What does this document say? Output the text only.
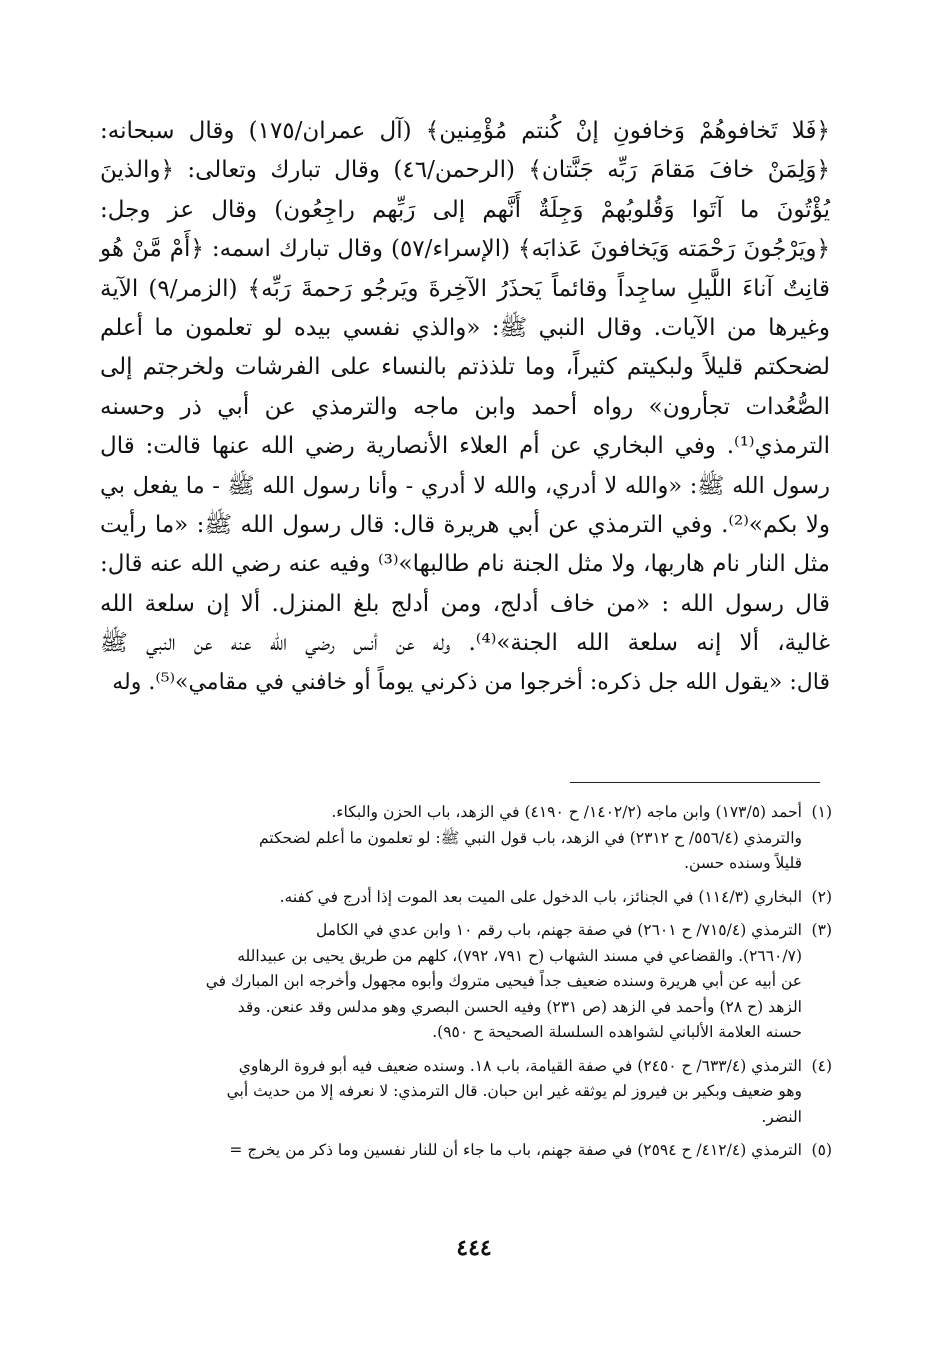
﴿فَلا تَخافوهُمْ وَخافونِ إنْ كُنتم مُؤْمِنين﴾ (آل عمران/١٧٥) وقال سبحانه:
﴿وَلِمَنْ خافَ مَقامَ رَبِّه جَنَّتان﴾ (الرحمن/٤٦) وقال تبارك وتعالى: ﴿والذينَ
يُؤْتُونَ ما آتَوا وَقُلوبُهمْ وَجِلَةٌ أَنَّهم إلى رَبِّهم راجِعُون) وقال عز وجل:
﴿ويَرْجُونَ رَحْمَته وَيَخافونَ عَذابَه﴾ (الإسراء/٥٧) وقال تبارك اسمه: ﴿أَمْ مَّنْ هُو
قانِتٌ آناءَ اللَّيلِ ساجِداً وقائماً يَحذَرُ الآخِرةَ ويَرجُو رَحمةَ رَبِّه﴾ (الزمر/٩) الآية
وغيرها من الآيات. وقال النبي ﷺ: «والذي نفسي بيده لو تعلمون ما أعلم
لضحكتم قليلاً ولبكيتم كثيراً، وما تلذذتم بالنساء على الفرشات ولخرجتم إلى
الصُّعُدات تجأرون» رواه أحمد وابن ماجه والترمذي عن أبي ذر وحسنه
الترمذي⁽¹⁾. وفي البخاري عن أم العلاء الأنصارية رضي الله عنها قالت: قال
رسول الله ﷺ: «والله لا أدري، والله لا أدري - وأنا رسول الله ﷺ - ما يفعل بي
ولا بكم»⁽²⁾. وفي الترمذي عن أبي هريرة قال: قال رسول الله ﷺ: «ما رأيت
مثل النار نام هاربها، ولا مثل الجنة نام طالبها»⁽³⁾ وفيه عنه رضي الله عنه قال:
قال رسول الله : «من خاف أدلج، ومن أدلج بلغ المنزل. ألا إن سلعة الله
غالية، ألا إنه سلعة الله الجنة»⁽⁴⁾. وله عن أنس رضي الله عنه عن النبي ﷺ
قال: «يقول الله جل ذكره: أخرجوا من ذكرني يوماً أو خافني في مقامي»⁽⁵⁾. وله
(١)
أحمد (١٧٣/٥) وابن ماجه (١٤٠٢/٢/ ح ٤١٩٠) في الزهد، باب الحزن والبكاء.
والترمذي (٥٥٦/٤/ ح ٢٣١٢) في الزهد، باب قول النبي ﷺ: لو تعلمون ما أعلم لضحكتم
قليلاً وسنده حسن.
(٢)
البخاري (١١٤/٣) في الجنائز، باب الدخول على الميت بعد الموت إذا أدرج في كفنه.
(٣)
الترمذي (٧١٥/٤/ ح ٢٦٠١) في صفة جهنم، باب رقم ١٠ وابن عدي في الكامل
(٢٦٦٠/٧). والقضاعي في مسند الشهاب (ح ٧٩١، ٧٩٢)، كلهم من طريق يحيى بن عبيدالله
عن أبيه عن أبي هريرة وسنده ضعيف جداً فيحيى متروك وأبوه مجهول وأخرجه ابن المبارك في
الزهد (ح ٢٨) وأحمد في الزهد (ص ٢٣١) وفيه الحسن البصري وهو مدلس وقد عنعن. وقد
حسنه العلامة الألباني لشواهده السلسلة الصحيحة ح ٩٥٠).
(٤)
الترمذي (٦٣٣/٤/ ح ٢٤٥٠) في صفة القيامة، باب ١٨. وسنده ضعيف فيه أبو فروة الرهاوي
وهو ضعيف وبكير بن فيروز لم يوثقه غير ابن حبان. قال الترمذي: لا نعرفه إلا من حديث أبي
النضر.
(٥)
الترمذي (٤١٢/٤/ ح ٢٥٩٤) في صفة جهنم، باب ما جاء أن للنار نفسين وما ذكر من يخرج =
٤٤٤
